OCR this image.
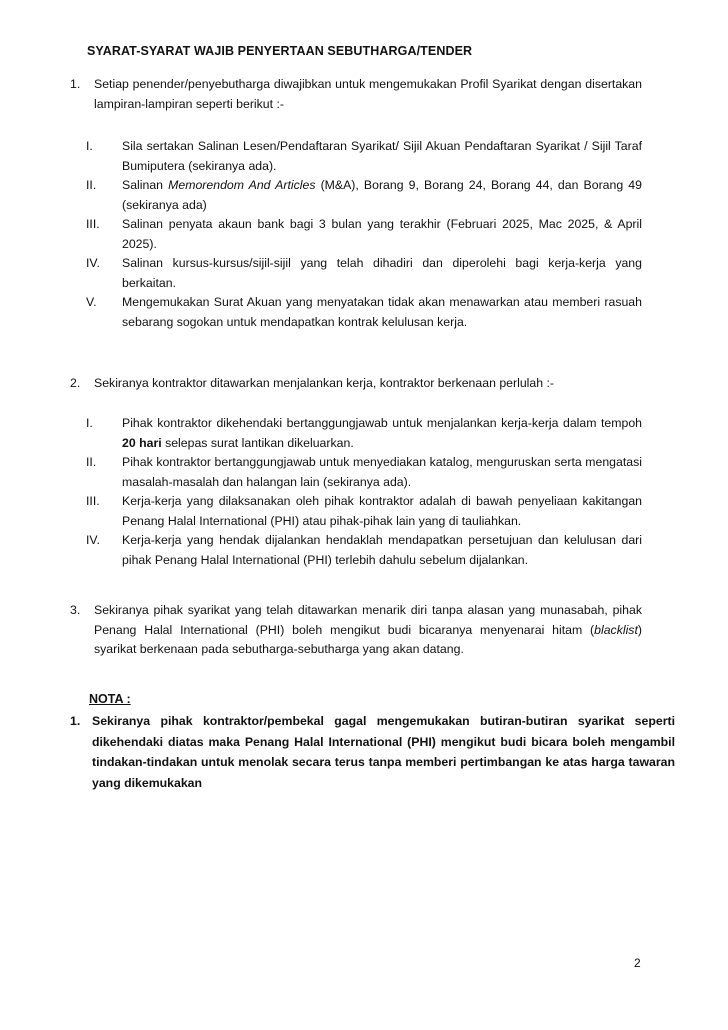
SYARAT-SYARAT WAJIB PENYERTAAN SEBUTHARGA/TENDER
1.	Setiap penender/penyebutharga diwajibkan untuk mengemukakan Profil Syarikat dengan disertakan lampiran-lampiran seperti berikut :-
I.	Sila sertakan Salinan Lesen/Pendaftaran Syarikat/ Sijil Akuan Pendaftaran Syarikat / Sijil Taraf Bumiputera (sekiranya ada).
II.	Salinan Memorendom And Articles (M&A), Borang 9, Borang 24, Borang 44, dan Borang 49 (sekiranya ada)
III.	Salinan penyata akaun bank bagi 3 bulan yang terakhir (Februari 2025, Mac 2025, & April 2025).
IV.	Salinan kursus-kursus/sijil-sijil yang telah dihadiri dan diperolehi bagi kerja-kerja yang berkaitan.
V.	Mengemukakan Surat Akuan yang menyatakan tidak akan menawarkan atau memberi rasuah sebarang sogokan untuk mendapatkan kontrak kelulusan kerja.
2.	Sekiranya kontraktor ditawarkan menjalankan kerja, kontraktor berkenaan perlulah :-
I.	Pihak kontraktor dikehendaki bertanggungjawab untuk menjalankan kerja-kerja dalam tempoh 20 hari selepas surat lantikan dikeluarkan.
II.	Pihak kontraktor bertanggungjawab untuk menyediakan katalog, menguruskan serta mengatasi masalah-masalah dan halangan lain (sekiranya ada).
III.	Kerja-kerja yang dilaksanakan oleh pihak kontraktor adalah di bawah penyeliaan kakitangan Penang Halal International (PHI) atau pihak-pihak lain yang di tauliahkan.
IV.	Kerja-kerja yang hendak dijalankan hendaklah mendapatkan persetujuan dan kelulusan dari pihak Penang Halal International (PHI) terlebih dahulu sebelum dijalankan.
3.	Sekiranya pihak syarikat yang telah ditawarkan menarik diri tanpa alasan yang munasabah, pihak Penang Halal International (PHI) boleh mengikut budi bicaranya menyenarai hitam (blacklist) syarikat berkenaan pada sebutharga-sebutharga yang akan datang.
NOTA :
1. Sekiranya pihak kontraktor/pembekal gagal mengemukakan butiran-butiran syarikat seperti dikehendaki diatas maka Penang Halal International (PHI) mengikut budi bicara boleh mengambil tindakan-tindakan untuk menolak secara terus tanpa memberi pertimbangan ke atas harga tawaran yang dikemukakan
2
